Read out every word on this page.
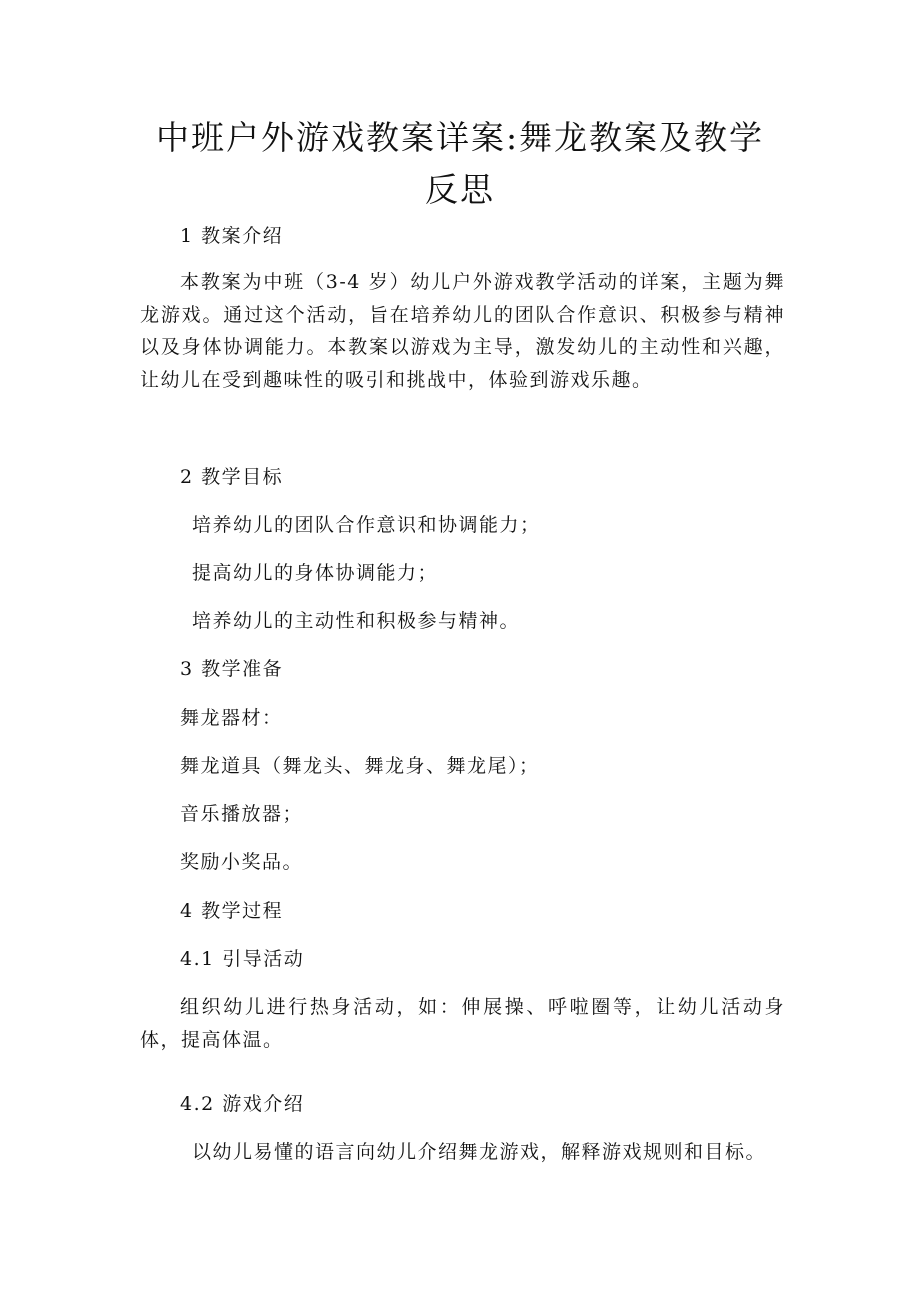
中班户外游戏教案详案:舞龙教案及教学反思

1 教案介绍

本教案为中班（3-4 岁）幼儿户外游戏教学活动的详案，主题为舞龙游戏。通过这个活动，旨在培养幼儿的团队合作意识、积极参与精神以及身体协调能力。本教案以游戏为主导，激发幼儿的主动性和兴趣，让幼儿在受到趣味性的吸引和挑战中，体验到游戏乐趣。

2 教学目标

培养幼儿的团队合作意识和协调能力；

提高幼儿的身体协调能力；

培养幼儿的主动性和积极参与精神。

3 教学准备

舞龙器材：

舞龙道具（舞龙头、舞龙身、舞龙尾）；

音乐播放器；

奖励小奖品。

4 教学过程

4.1 引导活动

组织幼儿进行热身活动，如：伸展操、呼啦圈等，让幼儿活动身体，提高体温。

4.2 游戏介绍

以幼儿易懂的语言向幼儿介绍舞龙游戏，解释游戏规则和目标。
